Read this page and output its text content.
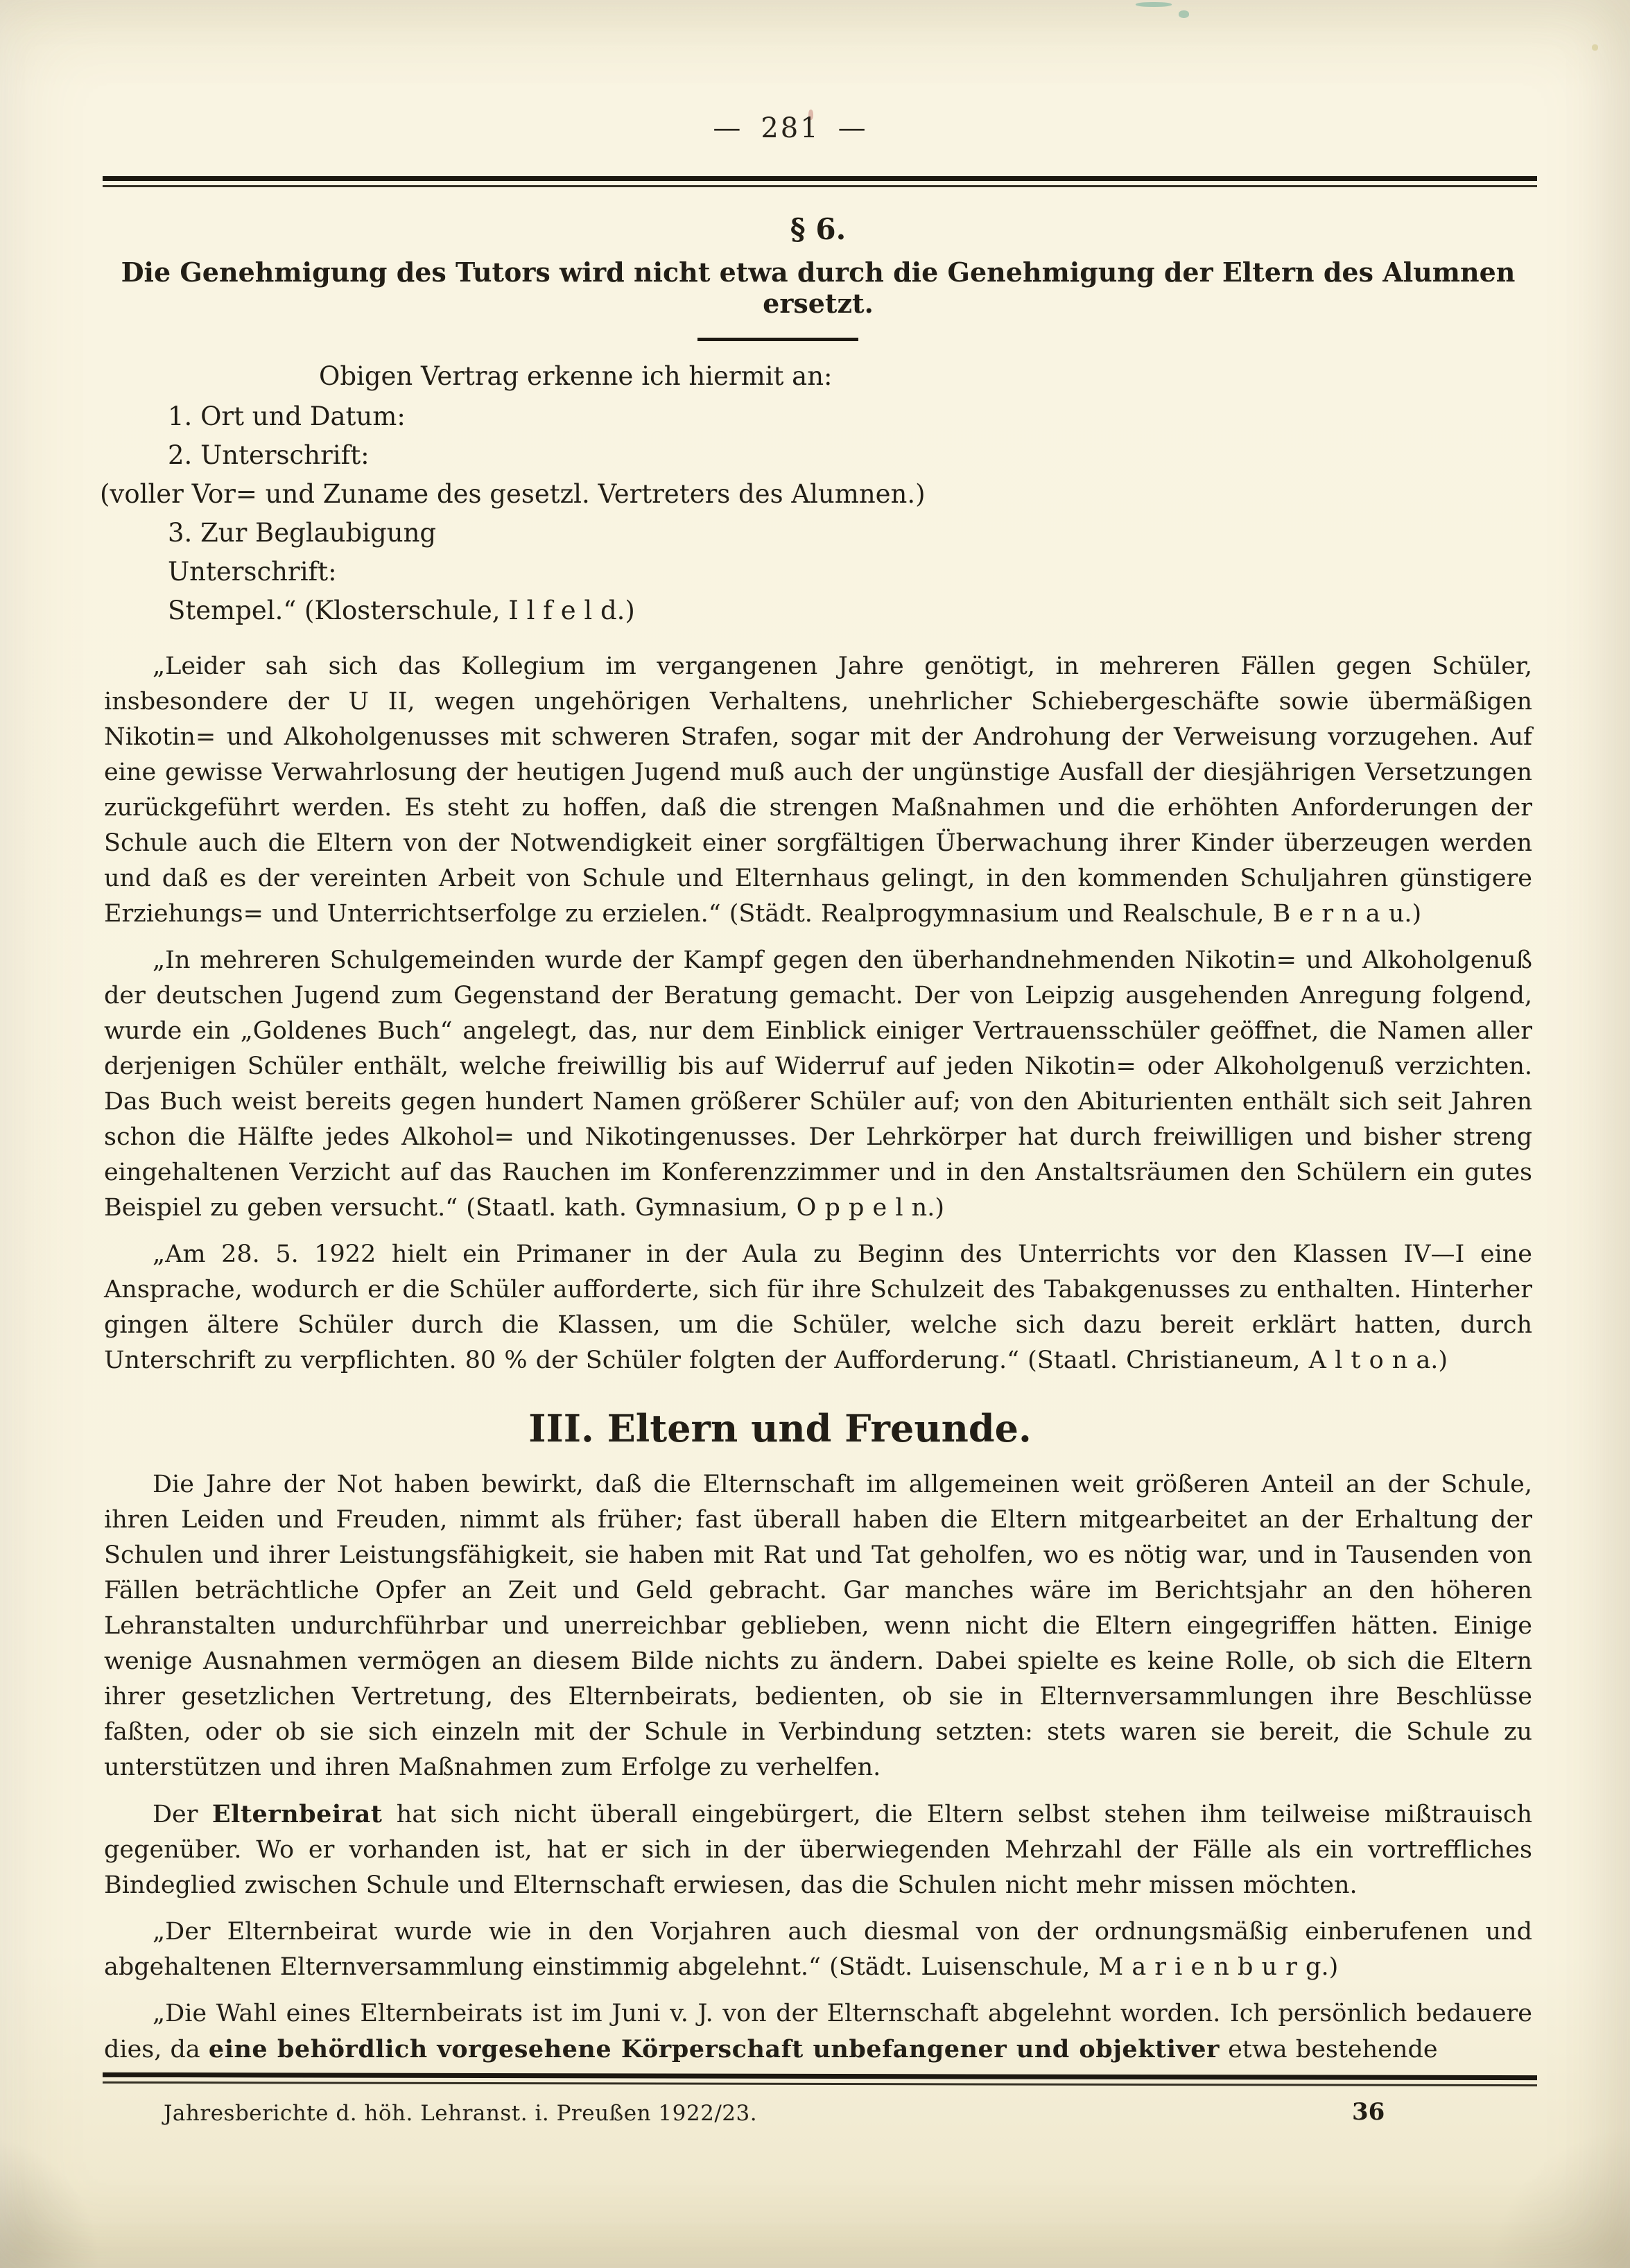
— 281 —
§ 6.

Die Genehmigung des Tutors wird nicht etwa durch die Genehmigung der Eltern des Alumnen ersetzt.

Obigen Vertrag erkenne ich hiermit an:

1. Ort und Datum:

2. Unterschrift:

(voller Vor= und Zuname des gesetzl. Vertreters des Alumnen.)

3. Zur Beglaubigung

Unterschrift:

Stempel.“ (Klosterschule, I l f e l d.)

„Leider sah sich das Kollegium im vergangenen Jahre genötigt, in mehreren Fällen gegen Schüler, insbesondere der U II, wegen ungehörigen Verhaltens, unehrlicher Schiebergeschäfte sowie übermäßigen Nikotin= und Alkoholgenusses mit schweren Strafen, sogar mit der Androhung der Verweisung vorzugehen. Auf eine gewisse Verwahrlosung der heutigen Jugend muß auch der ungünstige Ausfall der diesjährigen Versetzungen zurückgeführt werden. Es steht zu hoffen, daß die strengen Maßnahmen und die erhöhten Anforderungen der Schule auch die Eltern von der Notwendigkeit einer sorgfältigen Überwachung ihrer Kinder überzeugen werden und daß es der vereinten Arbeit von Schule und Elternhaus gelingt, in den kommenden Schuljahren günstigere Erziehungs= und Unterrichtserfolge zu erzielen.“ (Städt. Realprogymnasium und Realschule, B e r n a u.)

„In mehreren Schulgemeinden wurde der Kampf gegen den überhandnehmenden Nikotin= und Alkoholgenuß der deutschen Jugend zum Gegenstand der Beratung gemacht. Der von Leipzig ausgehenden Anregung folgend, wurde ein „Goldenes Buch“ angelegt, das, nur dem Einblick einiger Vertrauensschüler geöffnet, die Namen aller derjenigen Schüler enthält, welche freiwillig bis auf Widerruf auf jeden Nikotin= oder Alkoholgenuß verzichten. Das Buch weist bereits gegen hundert Namen größerer Schüler auf; von den Abiturienten enthält sich seit Jahren schon die Hälfte jedes Alkohol= und Nikotingenusses. Der Lehrkörper hat durch freiwilligen und bisher streng eingehaltenen Verzicht auf das Rauchen im Konferenzzimmer und in den Anstaltsräumen den Schülern ein gutes Beispiel zu geben versucht.“ (Staatl. kath. Gymnasium, O p p e l n.)

„Am 28. 5. 1922 hielt ein Primaner in der Aula zu Beginn des Unterrichts vor den Klassen IV—I eine Ansprache, wodurch er die Schüler aufforderte, sich für ihre Schulzeit des Tabakgenusses zu enthalten. Hinterher gingen ältere Schüler durch die Klassen, um die Schüler, welche sich dazu bereit erklärt hatten, durch Unterschrift zu verpflichten. 80 % der Schüler folgten der Aufforderung.“ (Staatl. Christianeum, A l t o n a.)

III. Eltern und Freunde.

Die Jahre der Not haben bewirkt, daß die Elternschaft im allgemeinen weit größeren Anteil an der Schule, ihren Leiden und Freuden, nimmt als früher; fast überall haben die Eltern mitgearbeitet an der Erhaltung der Schulen und ihrer Leistungsfähigkeit, sie haben mit Rat und Tat geholfen, wo es nötig war, und in Tausenden von Fällen beträchtliche Opfer an Zeit und Geld gebracht. Gar manches wäre im Berichtsjahr an den höheren Lehranstalten undurchführbar und unerreichbar geblieben, wenn nicht die Eltern eingegriffen hätten. Einige wenige Ausnahmen vermögen an diesem Bilde nichts zu ändern. Dabei spielte es keine Rolle, ob sich die Eltern ihrer gesetzlichen Vertretung, des Elternbeirats, bedienten, ob sie in Elternversammlungen ihre Beschlüsse faßten, oder ob sie sich einzeln mit der Schule in Verbindung setzten: stets waren sie bereit, die Schule zu unterstützen und ihren Maßnahmen zum Erfolge zu verhelfen.

Der Elternbeirat hat sich nicht überall eingebürgert, die Eltern selbst stehen ihm teilweise mißtrauisch gegenüber. Wo er vorhanden ist, hat er sich in der überwiegenden Mehrzahl der Fälle als ein vortreffliches Bindeglied zwischen Schule und Elternschaft erwiesen, das die Schulen nicht mehr missen möchten.

„Der Elternbeirat wurde wie in den Vorjahren auch diesmal von der ordnungsmäßig einberufenen und abgehaltenen Elternversammlung einstimmig abgelehnt.“ (Städt. Luisenschule, M a r i e n b u r g.)

„Die Wahl eines Elternbeirats ist im Juni v. J. von der Elternschaft abgelehnt worden. Ich persönlich bedauere dies, da eine behördlich vorgesehene Körperschaft unbefangener und objektiver etwa bestehende

Jahresberichte d. höh. Lehranst. i. Preußen 1922/23.	36
